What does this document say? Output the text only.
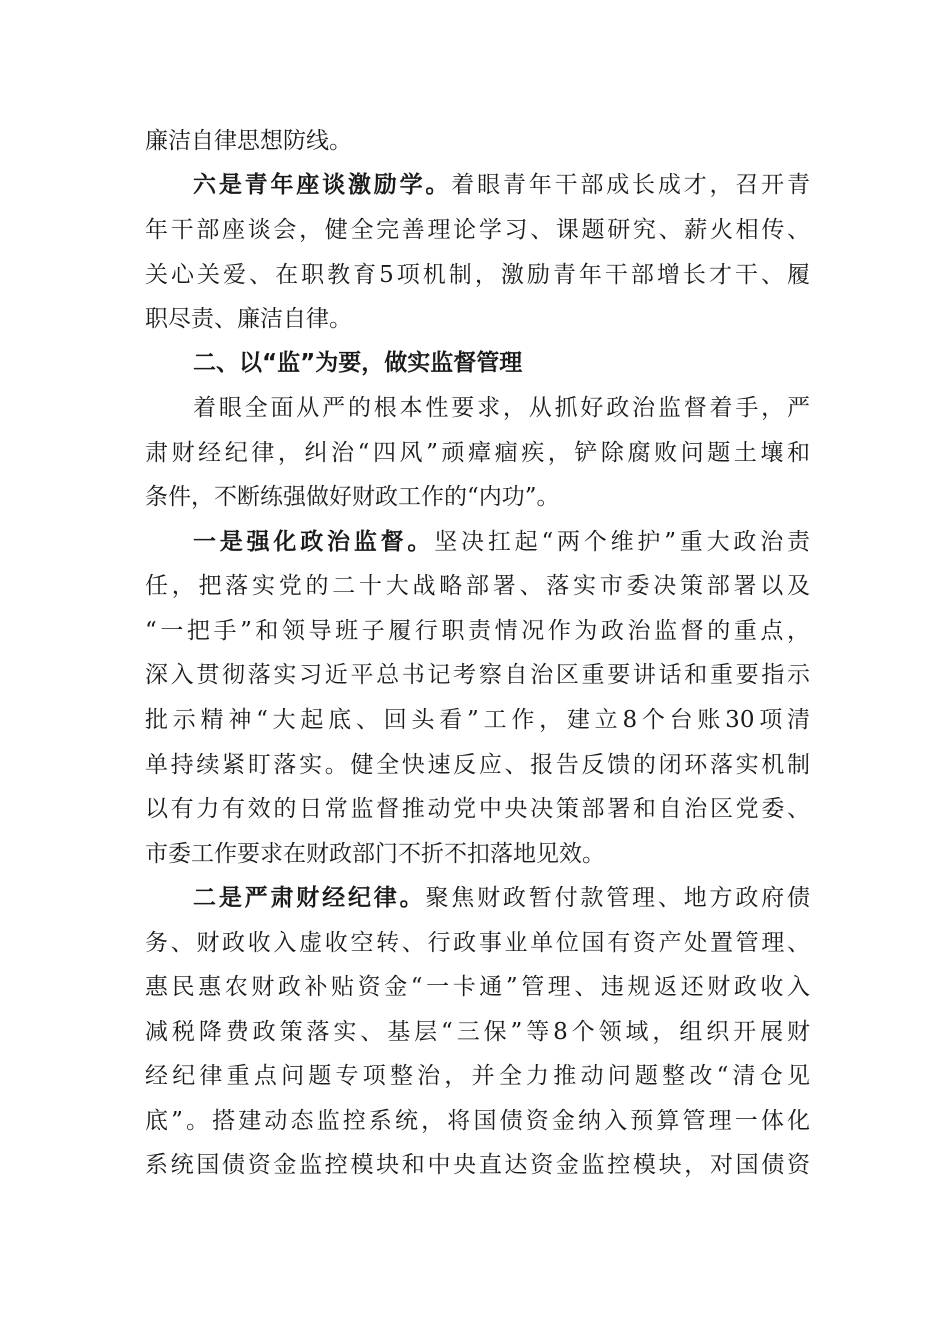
廉洁自律思想防线。
六是青年座谈激励学。着眼青年干部成长成才，召开青
年干部座谈会，健全完善理论学习、课题研究、薪火相传、
关心关爱、在职教育5项机制，激励青年干部增长才干、履
职尽责、廉洁自律。
二、以“监”为要，做实监督管理
着眼全面从严的根本性要求，从抓好政治监督着手，严
肃财经纪律，纠治“四风”顽瘴痼疾，铲除腐败问题土壤和
条件，不断练强做好财政工作的“内功”。
一是强化政治监督。坚决扛起“两个维护”重大政治责
任，把落实党的二十大战略部署、落实市委决策部署以及
“一把手”和领导班子履行职责情况作为政治监督的重点，
深入贯彻落实习近平总书记考察自治区重要讲话和重要指示
批示精神“大起底、回头看”工作，建立8个台账30项清
单持续紧盯落实。健全快速反应、报告反馈的闭环落实机制
以有力有效的日常监督推动党中央决策部署和自治区党委、
市委工作要求在财政部门不折不扣落地见效。
二是严肃财经纪律。聚焦财政暂付款管理、地方政府债
务、财政收入虚收空转、行政事业单位国有资产处置管理、
惠民惠农财政补贴资金“一卡通”管理、违规返还财政收入
减税降费政策落实、基层“三保”等8个领域，组织开展财
经纪律重点问题专项整治，并全力推动问题整改“清仓见
底”。搭建动态监控系统，将国债资金纳入预算管理一体化
系统国债资金监控模块和中央直达资金监控模块，对国债资
